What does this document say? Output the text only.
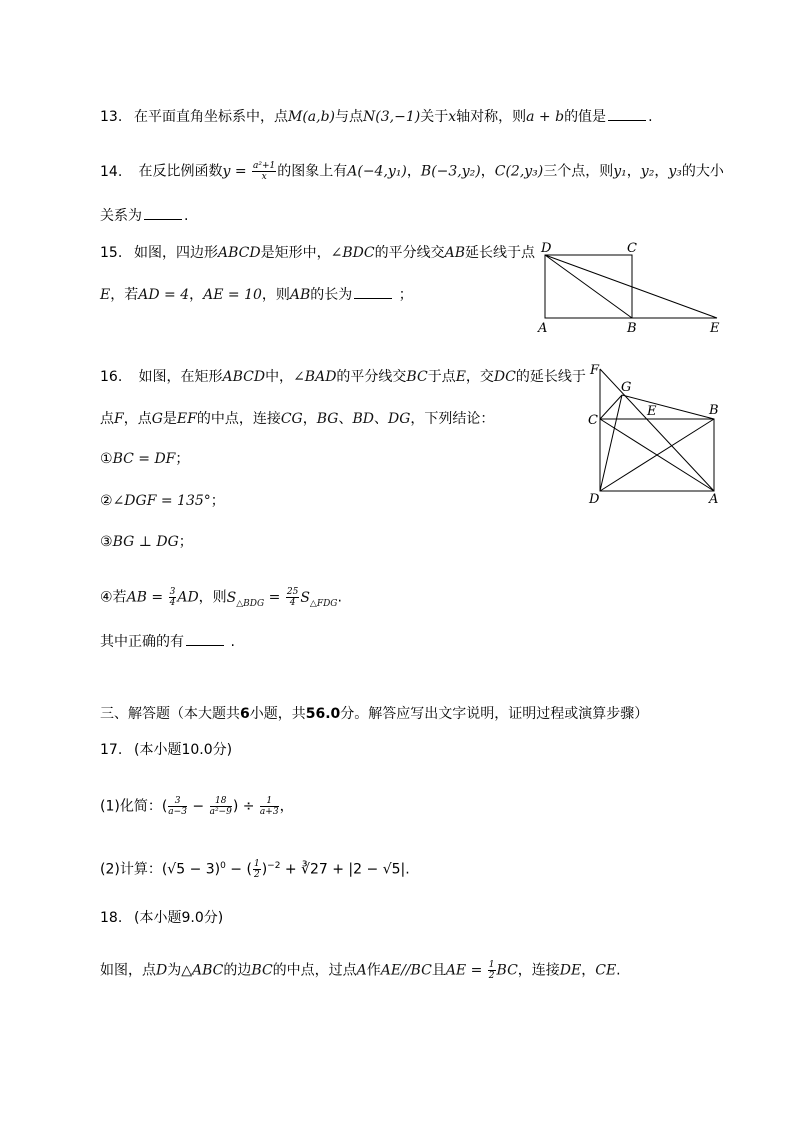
13. 在平面直角坐标系中，点M(a,b)与点N(3,−1)关于x轴对称，则a + b的值是	.
14. 在反比例函数$y = \frac{\text{a²+1}}{x}$ 的图象上有A(−4,y₁)，B(−3,y₂)，C(2,y₃)三个点，则y₁，y₂，y₃的大小
关系为	.
15. 如图，四边形ABCD是矩形中，∠BDC的平分线交AB延长线于点
E，若AD = 4，AE = 10，则AB的长为	；
16. 如图，在矩形ABCD中，∠BAD的平分线交BC于点E，交DC的延长线于
点F，点G是EF的中点，连接CG，BG、BD、DG，下列结论：
①BC = DF；
②∠DGF = 135°；
③BG ⊥ DG；
④若AB = $\frac{3}{4}$ AD，则$S_{\triangle BDG} = \frac{25}{4} S_{\triangle FDG}$.
其中正确的有	.
三、解答题（本大题共6小题，共56.0分。解答应写出文字说明，证明过程或演算步骤）
17. (本小题10.0分)
(1)化简：( $\frac{3}{a-3} - \frac{18}{\text{a²−9}}$ ) ÷ $\frac{1}{a+3}$ ，
(2)计算：$(√5 - 3)^0$ − ( $\frac{1}{2} )^{-2}$ + ∛27 + |2 − √5|.
18. (本小题9.0分)
如图，点D为△ABC的边BC的中点，过点A作AE//BC且AE = $\frac{1}{2}$ BC，连接DE，CE.
D	C
A	B	E
F
G
E
C
B
D	A
